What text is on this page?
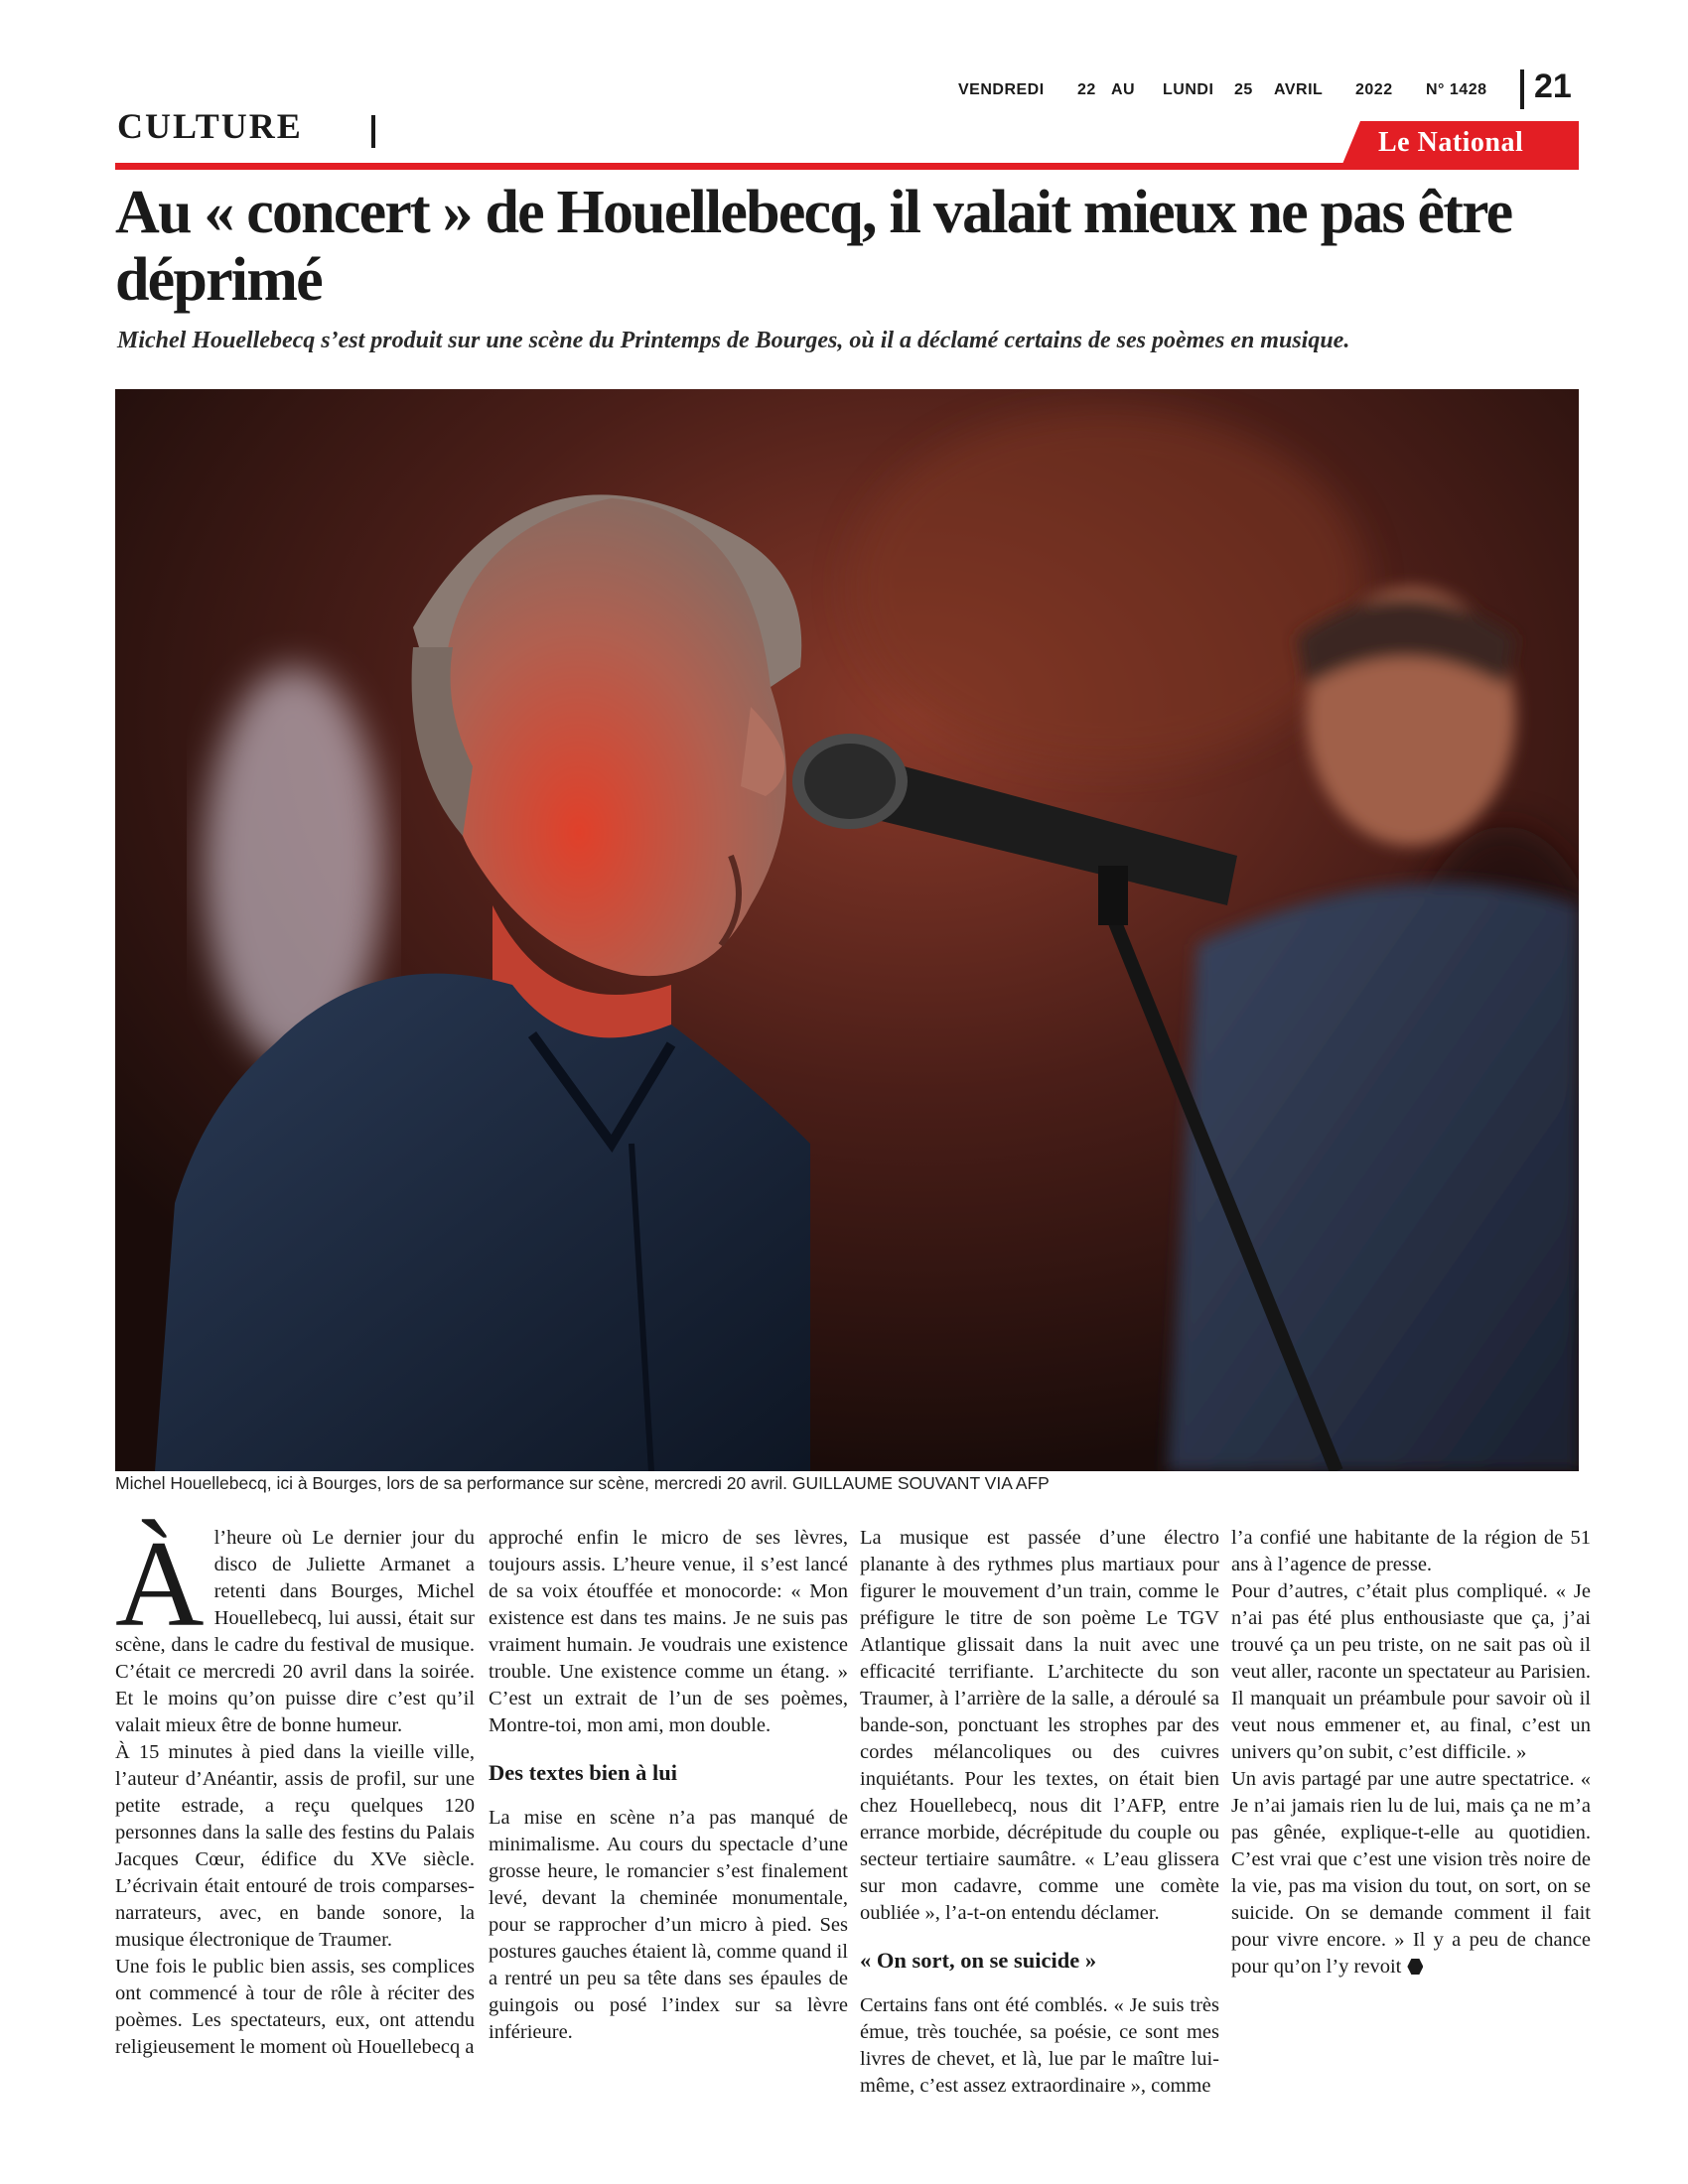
VENDREDI	22 AU	LUNDI	25	AVRIL	2022	N° 1428 21
CULTURE	Le National
Au « concert » de Houellebecq, il valait mieux ne pas être déprimé
Michel Houellebecq s’est produit sur une scène du Printemps de Bourges, où il a déclamé certains de ses poèmes en musique.
Michel Houellebecq, ici à Bourges, lors de sa performance sur scène, mercredi 20 avril. GUILLAUME SOUVANT VIA AFP
À l’heure où Le dernier jour du disco de Juliette Armanet a retenti dans Bourges, Michel Houellebecq, lui aussi, était sur scène, dans le cadre du festival de musique. C’était ce mercredi 20 avril dans la soirée. Et le moins qu’on puisse dire c’est qu’il valait mieux être de bonne humeur.

À 15 minutes à pied dans la vieille ville, l’auteur d’Anéantir, assis de profil, sur une petite estrade, a reçu quelques 120 personnes dans la salle des festins du Palais Jacques Cœur, édifice du XVe siècle. L’écrivain était entouré de trois comparses-narrateurs, avec, en bande sonore, la musique électronique de Traumer.

Une fois le public bien assis, ses complices ont commencé à tour de rôle à réciter des poèmes. Les spectateurs, eux, ont attendu religieusement le moment où Houellebecq a

approché enfin le micro de ses lèvres, toujours assis. L’heure venue, il s’est lancé de sa voix étouffée et monocorde: « Mon existence est dans tes mains. Je ne suis pas vraiment humain. Je voudrais une existence trouble. Une existence comme un étang. » C’est un extrait de l’un de ses poèmes, Montre-toi, mon ami, mon double.

Des textes bien à lui

La mise en scène n’a pas manqué de minimalisme. Au cours du spectacle d’une grosse heure, le romancier s’est finalement levé, devant la cheminée monumentale, pour se rapprocher d’un micro à pied. Ses postures gauches étaient là, comme quand il a rentré un peu sa tête dans ses épaules de guingois ou posé l’index sur sa lèvre inférieure.

La musique est passée d’une électro planante à des rythmes plus martiaux pour figurer le mouvement d’un train, comme le préfigure le titre de son poème Le TGV Atlantique glissait dans la nuit avec une efficacité terrifiante. L’architecte du son Traumer, à l’arrière de la salle, a déroulé sa bande-son, ponctuant les strophes par des cordes mélancoliques ou des cuivres inquiétants. Pour les textes, on était bien chez Houellebecq, nous dit l’AFP, entre errance morbide, décrépitude du couple ou secteur tertiaire saumâtre. « L’eau glissera sur mon cadavre, comme une comète oubliée », l’a-t-on entendu déclamer.

« On sort, on se suicide »

Certains fans ont été comblés. « Je suis très émue, très touchée, sa poésie, ce sont mes livres de chevet, et là, lue par le maître lui-même, c’est assez extraordinaire », comme

l’a confié une habitante de la région de 51 ans à l’agence de presse.

Pour d’autres, c’était plus compliqué. « Je n’ai pas été plus enthousiaste que ça, j’ai trouvé ça un peu triste, on ne sait pas où il veut aller, raconte un spectateur au Parisien. Il manquait un préambule pour savoir où il veut nous emmener et, au final, c’est un univers qu’on subit, c’est difficile. »

Un avis partagé par une autre spectatrice. « Je n’ai jamais rien lu de lui, mais ça ne m’a pas gênée, explique-t-elle au quotidien. C’est vrai que c’est une vision très noire de la vie, pas ma vision du tout, on sort, on se suicide. On se demande comment il fait pour vivre encore. » Il y a peu de chance pour qu’on l’y revoit
